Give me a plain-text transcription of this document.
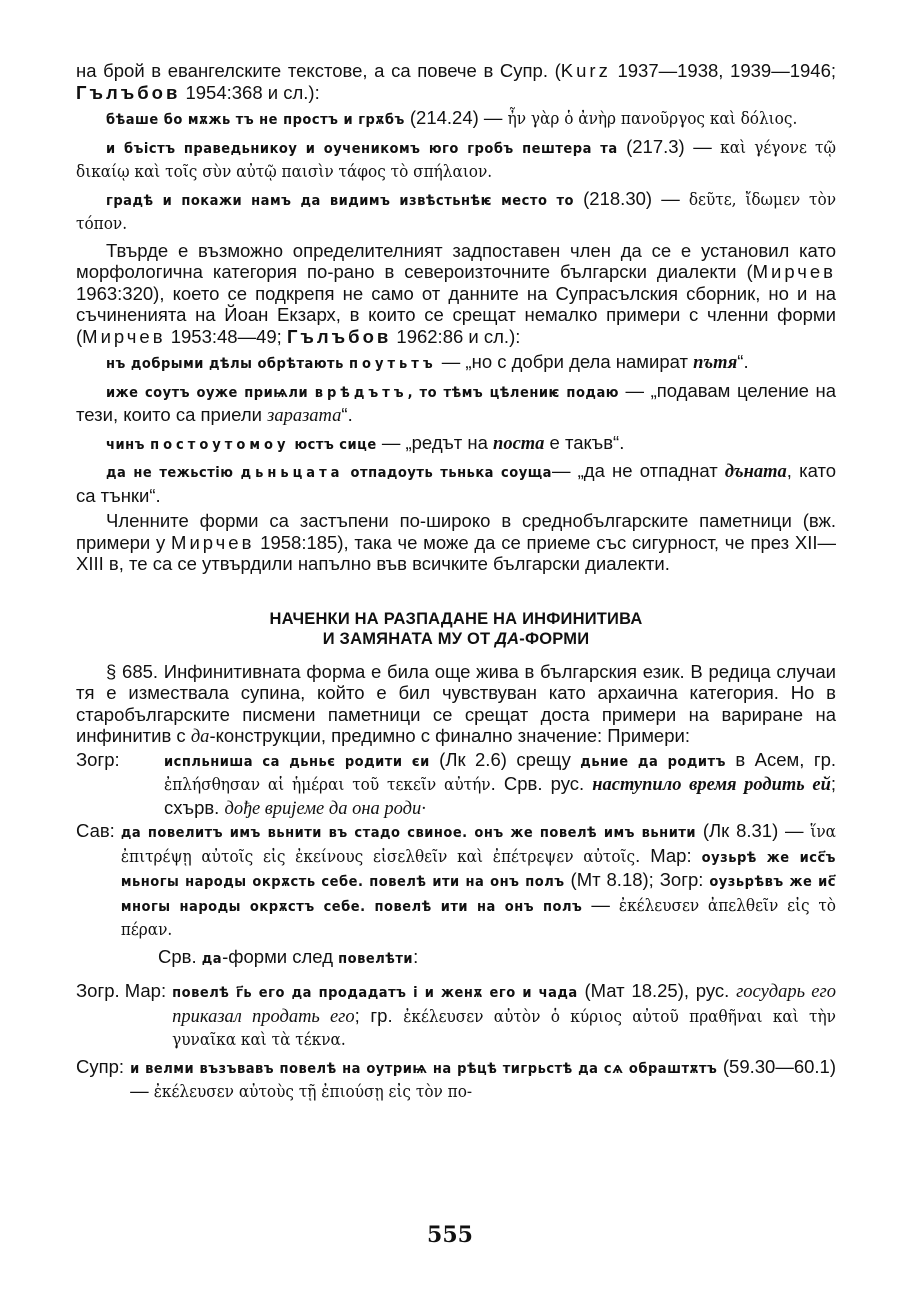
на брой в евангелските текстове, а са повече в Супр. (Kurz 1937—1938, 1939—1946; Гълъбов 1954:368 и сл.):

бѣаше бо мѫжь тъ не простъ и грѫбъ (214.24) — ἦν γὰρ ὁ ἀνὴρ πανοῦργος καὶ δόλιος.

и бъістъ праведьникоу и оученикомъ юго гробъ пештера та (217.3) — καὶ γέγονε τῷ δικαίῳ καὶ τοῖς σὺν αὐτῷ παισὶν τάφος τὸ σπήλαιον.

градѣ и покажи намъ да видимъ извѣстьнѣѥ место то (218.30) — δεῦτε, ἴδωμεν τὸν τόπον.

Твърде е възможно определителният задпоставен член да се е установил като морфологична категория по-рано в североизточните български диалекти (Мирчев 1963:320), което се подкрепя не само от данните на Супрасълския сборник, но и на съчиненията на Йоан Екзарх, в които се срещат немалко примери с членни форми (Мирчев 1953:48—49; Гълъбов 1962:86 и сл.):

нъ добрыми дѣлы обрѣтають поутьтъ — „но с добри дела намират пътя“.

иже соутъ оуже приѩли врѣдътъ, то тѣмъ цѣлениѥ подаю — „подавам целение на тези, които са приели заразата“.

чинъ постоутомоу юстъ сице — „редът на поста е такъв“.

да не тежьстію дьньцата отпадоуть тьнька соуща— „да не отпаднат дъната, като са тънки“.

Членните форми са застъпени по-широко в среднобългарските паметници (вж. примери у Мирчев 1958:185), така че може да се приеме със сигурност, че през XII—XIII в, те са се утвърдили напълно във всичките български диалекти.

НАЧЕНКИ НА РАЗПАДАНЕ НА ИНФИНИТИВА
И ЗАМЯНАТА МУ ОТ ДА-ФОРМИ

§ 685. Инфинитивната форма е била още жива в българския език. В редица случаи тя е измествала супина, който е бил чувствуван като архаична категория. Но в старобългарските писмени паметници се срещат доста примери на вариране на инфинитив с да-конструкции, предимно с финално значение: Примери:

Зогр:	испльниша са дьньє родити єи (Лк 2.6) срещу дьние да родитъ в Асем, гр. ἐπλήσθησαν αἱ ἡμέραι τοῦ τεκεῖν αὐτήν. Срв. рус. наступило время родить ей; схърв. дође вријеме да она роди·
Сав: да повелитъ имъ вьнити въ стадо свиное. онъ же повелѣ имъ вьнити (Лк 8.31) — ἵνα ἐπιτρέψῃ αὐτοῖς εἰς ἐκείνους εἰσελθεῖν καὶ ἐπέτρεψεν αὐτοῖς. Мар: оузьрѣ же исс҃ъ мьногы народы окрѫсть себе. повелѣ ити на онъ полъ (Мт 8.18); Зогр: оузьрѣвъ же ис҃ многы народы окрѫстъ себе. повелѣ ити на онъ полъ — ἐκέλευσεν ἀπελθεῖν εἰς τὸ πέραν.

Срв. да-форми след повелѣти:

Зогр. Мар: повелѣ г҃ь его да продадатъ і и женѫ его и чада (Мат 18.25), рус. государь его приказал продать его; гр. ἐκέλευσεν αὐτὸν ὁ κύριος αὐτοῦ πραθῆναι καὶ τὴν γυναῖκα καὶ τὰ τέκνα.
Супр: и велми възъвавъ повелѣ на оутриѩ на рѣцѣ тигрьстѣ да сѧ обраштѫтъ (59.30—60.1) — ἐκέλευσεν αὐτοὺς τῇ ἐπιούσῃ εἰς τὸν πο-
555
